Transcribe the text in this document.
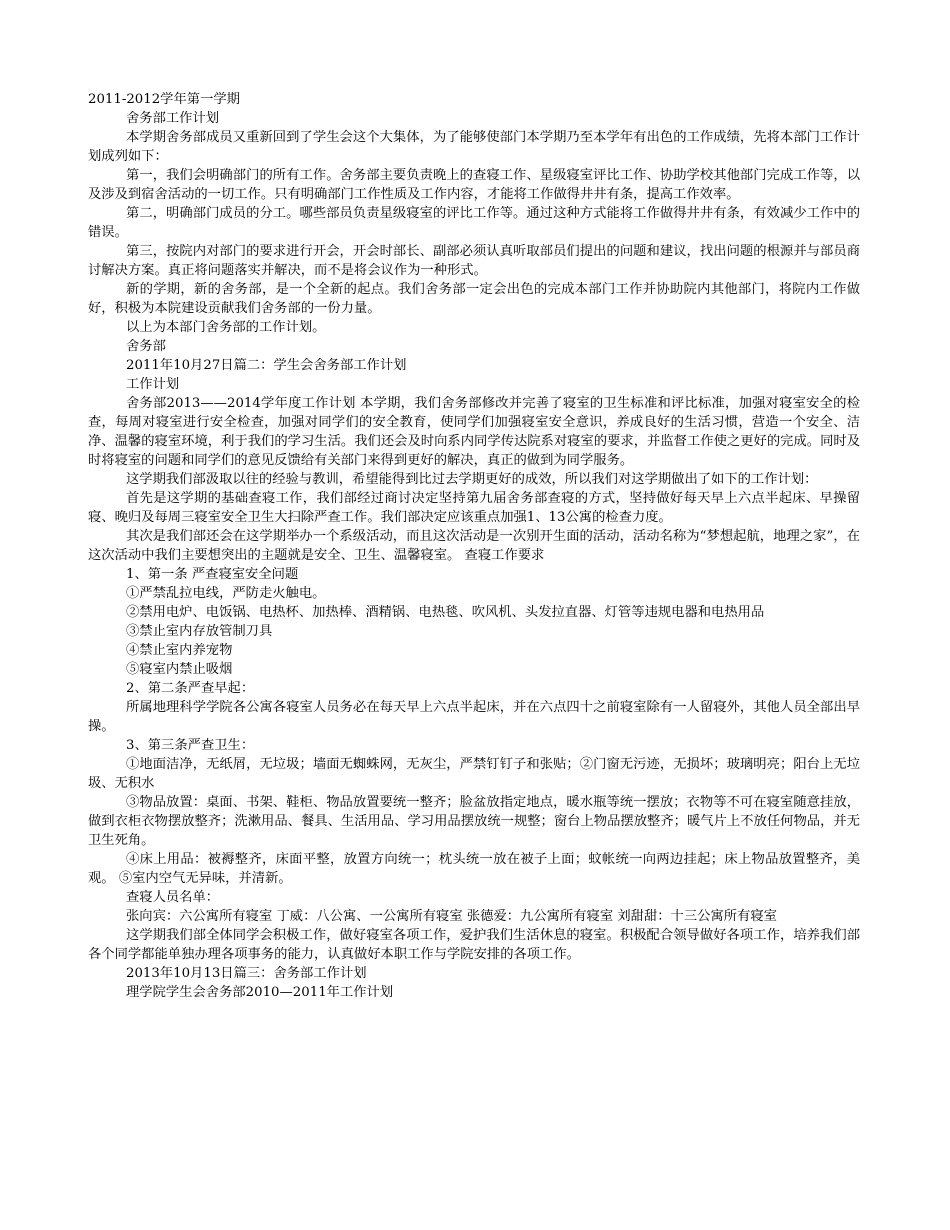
2011-2012学年第一学期

舍务部工作计划

本学期舍务部成员又重新回到了学生会这个大集体，为了能够使部门本学期乃至本学年有出色的工作成绩，先将本部门工作计划成列如下：

第一，我们会明确部门的所有工作。舍务部主要负责晚上的查寝工作、星级寝室评比工作、协助学校其他部门完成工作等，以及涉及到宿舍活动的一切工作。只有明确部门工作性质及工作内容，才能将工作做得井井有条，提高工作效率。

第二，明确部门成员的分工。哪些部员负责星级寝室的评比工作等。通过这种方式能将工作做得井井有条，有效减少工作中的错误。

第三，按院内对部门的要求进行开会，开会时部长、副部必须认真听取部员们提出的问题和建议，找出问题的根源并与部员商讨解决方案。真正将问题落实并解决，而不是将会议作为一种形式。

新的学期，新的舍务部，是一个全新的起点。我们舍务部一定会出色的完成本部门工作并协助院内其他部门，将院内工作做好，积极为本院建设贡献我们舍务部的一份力量。

以上为本部门舍务部的工作计划。

舍务部

2011年10月27日篇二：学生会舍务部工作计划

工作计划

舍务部2013——2014学年度工作计划 本学期，我们舍务部修改并完善了寝室的卫生标准和评比标准，加强对寝室安全的检查，每周对寝室进行安全检查，加强对同学们的安全教育，使同学们加强寝室安全意识，养成良好的生活习惯，营造一个安全、洁净、温馨的寝室环境，利于我们的学习生活。我们还会及时向系内同学传达院系对寝室的要求，并监督工作使之更好的完成。同时及时将寝室的问题和同学们的意见反馈给有关部门来得到更好的解决，真正的做到为同学服务。

这学期我们部汲取以往的经验与教训，希望能得到比过去学期更好的成效，所以我们对这学期做出了如下的工作计划：

首先是这学期的基础查寝工作，我们部经过商讨决定坚持第九届舍务部查寝的方式，坚持做好每天早上六点半起床、早操留寝、晚归及每周三寝室安全卫生大扫除严查工作。我们部决定应该重点加强1、13公寓的检查力度。

其次是我们部还会在这学期举办一个系级活动，而且这次活动是一次别开生面的活动，活动名称为“梦想起航，地理之家”，在这次活动中我们主要想突出的主题就是安全、卫生、温馨寝室。 查寝工作要求

1、第一条 严查寝室安全问题

①严禁乱拉电线，严防走火触电。

②禁用电炉、电饭锅、电热杯、加热棒、酒精锅、电热毯、吹风机、头发拉直器、灯管等违规电器和电热用品

③禁止室内存放管制刀具

④禁止室内养宠物

⑤寝室内禁止吸烟

2、第二条严查早起：

所属地理科学学院各公寓各寝室人员务必在每天早上六点半起床，并在六点四十之前寝室除有一人留寝外，其他人员全部出早操。

3、第三条严查卫生：

①地面洁净，无纸屑，无垃圾；墙面无蜘蛛网，无灰尘，严禁钉钉子和张贴；②门窗无污迹，无损坏；玻璃明亮；阳台上无垃圾、无积水

③物品放置：桌面、书架、鞋柜、物品放置要统一整齐；脸盆放指定地点，暖水瓶等统一摆放；衣物等不可在寝室随意挂放，做到衣柜衣物摆放整齐；洗漱用品、餐具、生活用品、学习用品摆放统一规整；窗台上物品摆放整齐；暖气片上不放任何物品，并无卫生死角。

④床上用品：被褥整齐，床面平整，放置方向统一；枕头统一放在被子上面；蚊帐统一向两边挂起；床上物品放置整齐，美观。 ⑤室内空气无异味，并清新。

查寝人员名单：

张向宾：六公寓所有寝室 丁威：八公寓、一公寓所有寝室 张德爱：九公寓所有寝室 刘甜甜：十三公寓所有寝室

这学期我们部全体同学会积极工作，做好寝室各项工作，爱护我们生活休息的寝室。积极配合领导做好各项工作，培养我们部各个同学都能单独办理各项事务的能力，认真做好本职工作与学院安排的各项工作。

2013年10月13日篇三：舍务部工作计划

理学院学生会舍务部2010—2011年工作计划
